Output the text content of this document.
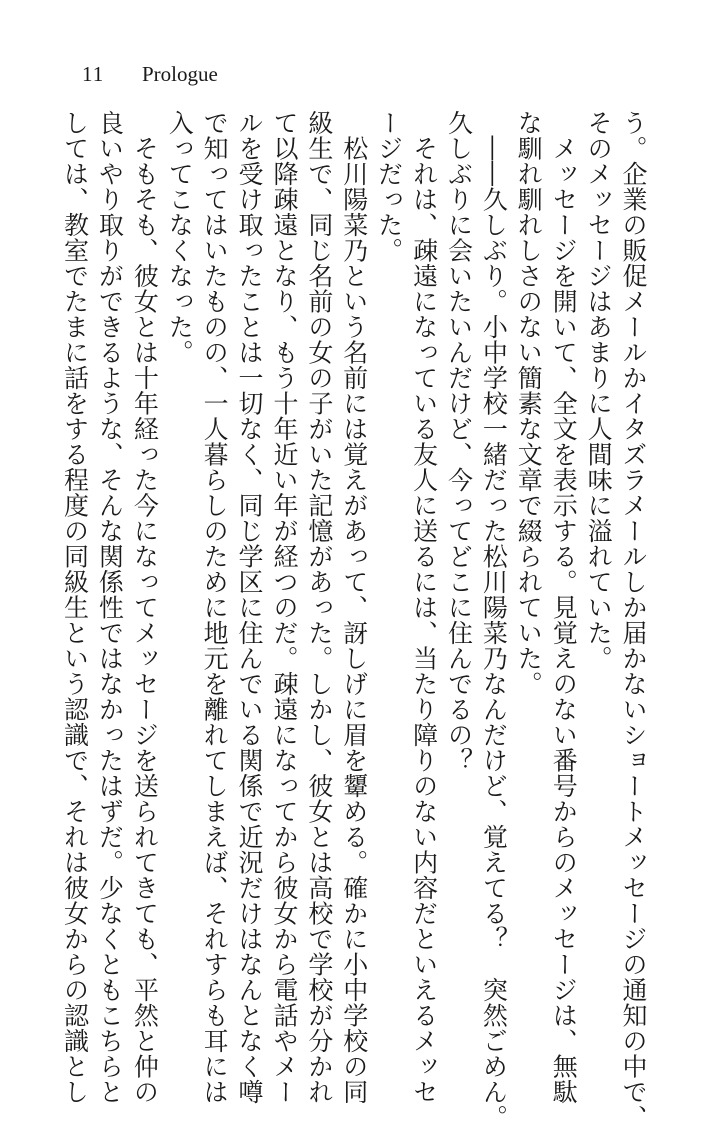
11 Prologue
う。企業の販促メールかイタズラメールしか届かないショートメッセージの通知の中で、
そのメッセージはあまりに人間味に溢れていた。
　メッセージを開いて、全文を表示する。見覚えのない番号からのメッセージは、無駄
な馴れ馴れしさのない簡素な文章で綴られていた。
　――久しぶり。小中学校一緒だった松川陽菜乃なんだけど、覚えてる？　突然ごめん。
久しぶりに会いたいんだけど、今ってどこに住んでるの？
　それは、疎遠になっている友人に送るには、当たり障りのない内容だといえるメッセ
ージだった。
　松川陽菜乃という名前には覚えがあって、訝しげに眉を顰める。確かに小中学校の同
級生で、同じ名前の女の子がいた記憶があった。しかし、彼女とは高校で学校が分かれ
て以降疎遠となり、もう十年近い年が経つのだ。疎遠になってから彼女から電話やメー
ルを受け取ったことは一切なく、同じ学区に住んでいる関係で近況だけはなんとなく噂
で知ってはいたものの、一人暮らしのために地元を離れてしまえば、それすらも耳には
入ってこなくなった。
　そもそも、彼女とは十年経った今になってメッセージを送られてきても、平然と仲の
良いやり取りができるような、そんな関係性ではなかったはずだ。少なくともこちらと
しては、教室でたまに話をする程度の同級生という認識で、それは彼女からの認識とし
